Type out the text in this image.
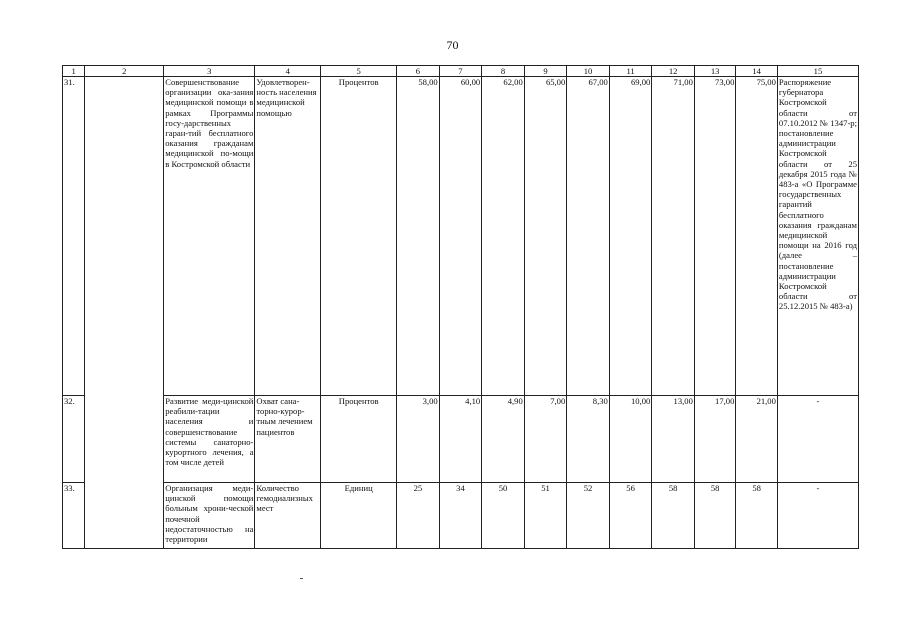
70
1	2	3	4	5	6	7	8	9	10	11	12	13	14	15
31.		Совершенствование организации ока-зания медицинской помощи в рамках Программы госу-дарственных гаран-тий бесплатного оказания гражданам медицинской по-мощи в Костромской области	Удовлетворен-ность населения медицинской помощью	Процентов	58,00	60,00	62,00	65,00	67,00	69,00	71,00	73,00	75,00	Распоряжение губернатора Костромской области от 07.10.2012 № 1347-р; постановление администрации Костромской области от 25 декабря 2015 года № 483-а «О Программе государственных гарантий бесплатного оказания гражданам медицинской помощи на 2016 год (далее – постановление администрации Костромской области от 25.12.2015 № 483-а)
32.		Развитие меди-цинской реабили-тации населения и совершенствование системы санаторно-курортного лечения, а том числе детей	Охват сана-торно-курор-тным лечением пациентов	Процентов	3,00	4,10	4,90	7,00	8,30	10,00	13,00	17,00	21,00	-
33.		Организация меди-цинской помощи больным хрони-ческой почечной недостаточностью на территории	Количество гемодиализных мест	Единиц	25	34	50	51	52	56	58	58	58	-
